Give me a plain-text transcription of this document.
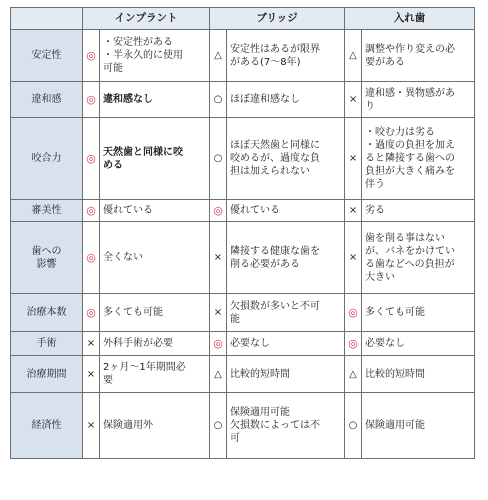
	インプラント		ブリッジ		入れ歯	

安定性	◎	・安定性がある
・半永久的に使用
可能	△	安定性はあるが限界
がある(7〜8年)	△	調整や作り変えの必
要がある

違和感	◎	違和感なし	○	ほぼ違和感なし	×	違和感・異物感があ
り

咬合力	◎	天然歯と同様に咬
める	○	ほぼ天然歯と同様に
咬めるが、過度な負
担は加えられない	×	・咬む力は劣る
・過度の負担を加え
ると隣接する歯への
負担が大きく痛みを
伴う

審美性	◎	優れている	◎	優れている	×	劣る

歯への
影響	◎	全くない	×	隣接する健康な歯を
削る必要がある	×	歯を削る事はない
が、バネをかけてい
る歯などへの負担が
大きい

治療本数	◎	多くても可能	×	欠損数が多いと不可
能	◎	多くても可能

手術	×	外科手術が必要	◎	必要なし	◎	必要なし

治療期間	×	2ヶ月〜1年期間必
要	△	比較的短時間	△	比較的短時間

経済性	×	保険適用外	○	保険適用可能
欠損数によっては不
可	○	保険適用可能
